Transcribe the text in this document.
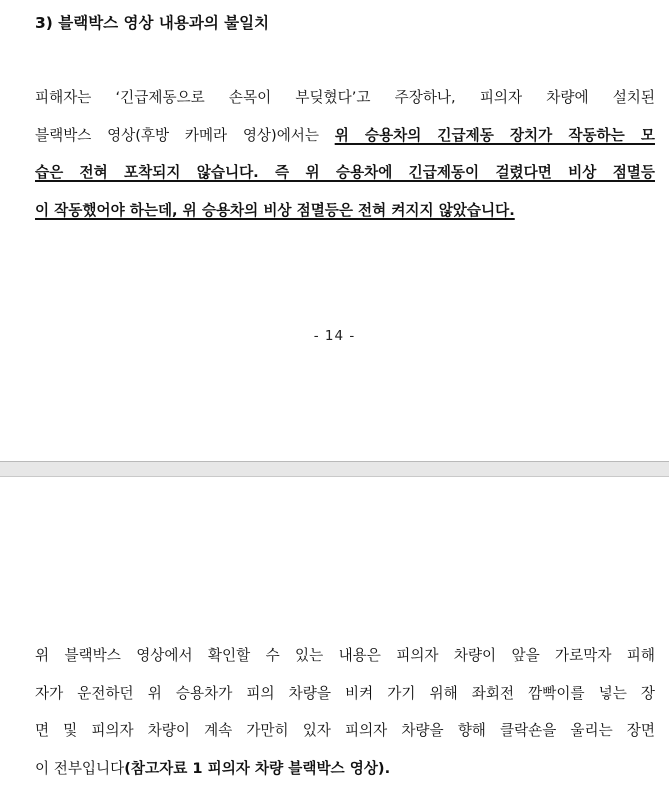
3) 블랙박스 영상 내용과의 불일치
피해자는 ‘긴급제동으로 손목이 부딪혔다’고 주장하나, 피의자 차량에 설치된
블랙박스 영상(후방 카메라 영상)에서는 위 승용차의 긴급제동 장치가 작동하는 모
습은 전혀 포착되지 않습니다. 즉 위 승용차에 긴급제동이 걸렸다면 비상 점멸등
이 작동했어야 하는데, 위 승용차의 비상 점멸등은 전혀 켜지지 않았습니다.
- 14 -
위 블랙박스 영상에서 확인할 수 있는 내용은 피의자 차량이 앞을 가로막자 피해
자가 운전하던 위 승용차가 피의 차량을 비켜 가기 위해 좌회전 깜빡이를 넣는 장
면 및 피의자 차량이 계속 가만히 있자 피의자 차량을 향해 클락숀을 울리는 장면
이 전부입니다(참고자료 1 피의자 차량 블랙박스 영상).
